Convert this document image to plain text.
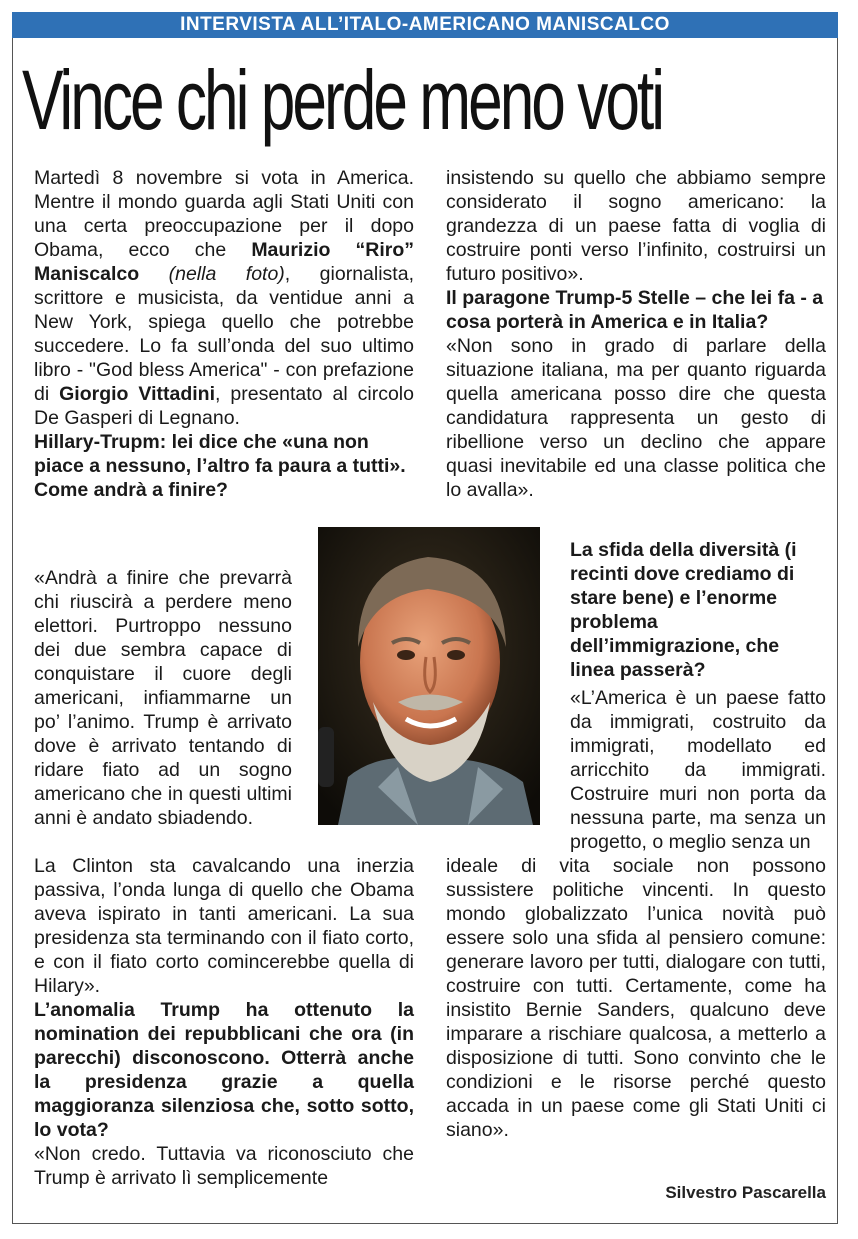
INTERVISTA ALL’ITALO-AMERICANO MANISCALCO
Vince chi perde meno voti

Martedì 8 novembre si vota in America. Mentre il mondo guarda agli Stati Uniti con una certa preoccupazione per il dopo Obama, ecco che Maurizio “Riro” Maniscalco (nella foto), giornalista, scrittore e musicista, da ventidue anni a New York, spiega quello che potrebbe succedere. Lo fa sull’onda del suo ultimo libro - "God bless America" - con prefazione di Giorgio Vittadini, presentato al circolo De Gasperi di Legnano.

Hillary-Trupm: lei dice che «una non piace a nessuno, l’altro fa paura a tutti». Come andrà a finire?

«Andrà a finire che prevarrà chi riuscirà a perdere meno elettori. Purtroppo nessuno dei due sembra capace di conquistare il cuore degli americani, infiammarne un po’ l’animo. Trump è arrivato dove è arrivato tentando di ridare fiato ad un sogno americano che in questi ultimi anni è andato sbiadendo.

La Clinton sta cavalcando una inerzia passiva, l’onda lunga di quello che Obama aveva ispirato in tanti americani. La sua presidenza sta terminando con il fiato corto, e con il fiato corto comincerebbe quella di Hilary».

L’anomalia Trump ha ottenuto la nomination dei repubblicani che ora (in parecchi) disconoscono. Otterrà anche la presidenza grazie a quella maggioranza silenziosa che, sotto sotto, lo vota?

«Non credo. Tuttavia va riconosciuto che Trump è arrivato lì semplicemente

insistendo su quello che abbiamo sempre considerato il sogno americano: la grandezza di un paese fatta di voglia di costruire ponti verso l’infinito, costruirsi un futuro positivo».

Il paragone Trump-5 Stelle – che lei fa - a cosa porterà in America e in Italia?

«Non sono in grado di parlare della situazione italiana, ma per quanto riguarda quella americana posso dire che questa candidatura rappresenta un gesto di ribellione verso un declino che appare quasi inevitabile ed una classe politica che lo avalla».

La sfida della diversità (i recinti dove crediamo di stare bene) e l’enorme problema dell’immigrazione, che linea passerà?

«L’America è un paese fatto da immigrati, costruito da immigrati, modellato ed arricchito da immigrati. Costruire muri non porta da nessuna parte, ma senza un progetto, o meglio senza un

ideale di vita sociale non possono sussistere politiche vincenti. In questo mondo globalizzato l’unica novità può essere solo una sfida al pensiero comune: generare lavoro per tutti, dialogare con tutti, costruire con tutti. Certamente, come ha insistito Bernie Sanders, qualcuno deve imparare a rischiare qualcosa, a metterlo a disposizione di tutti. Sono convinto che le condizioni e le risorse perché questo accada in un paese come gli Stati Uniti ci siano».

Silvestro Pascarella
